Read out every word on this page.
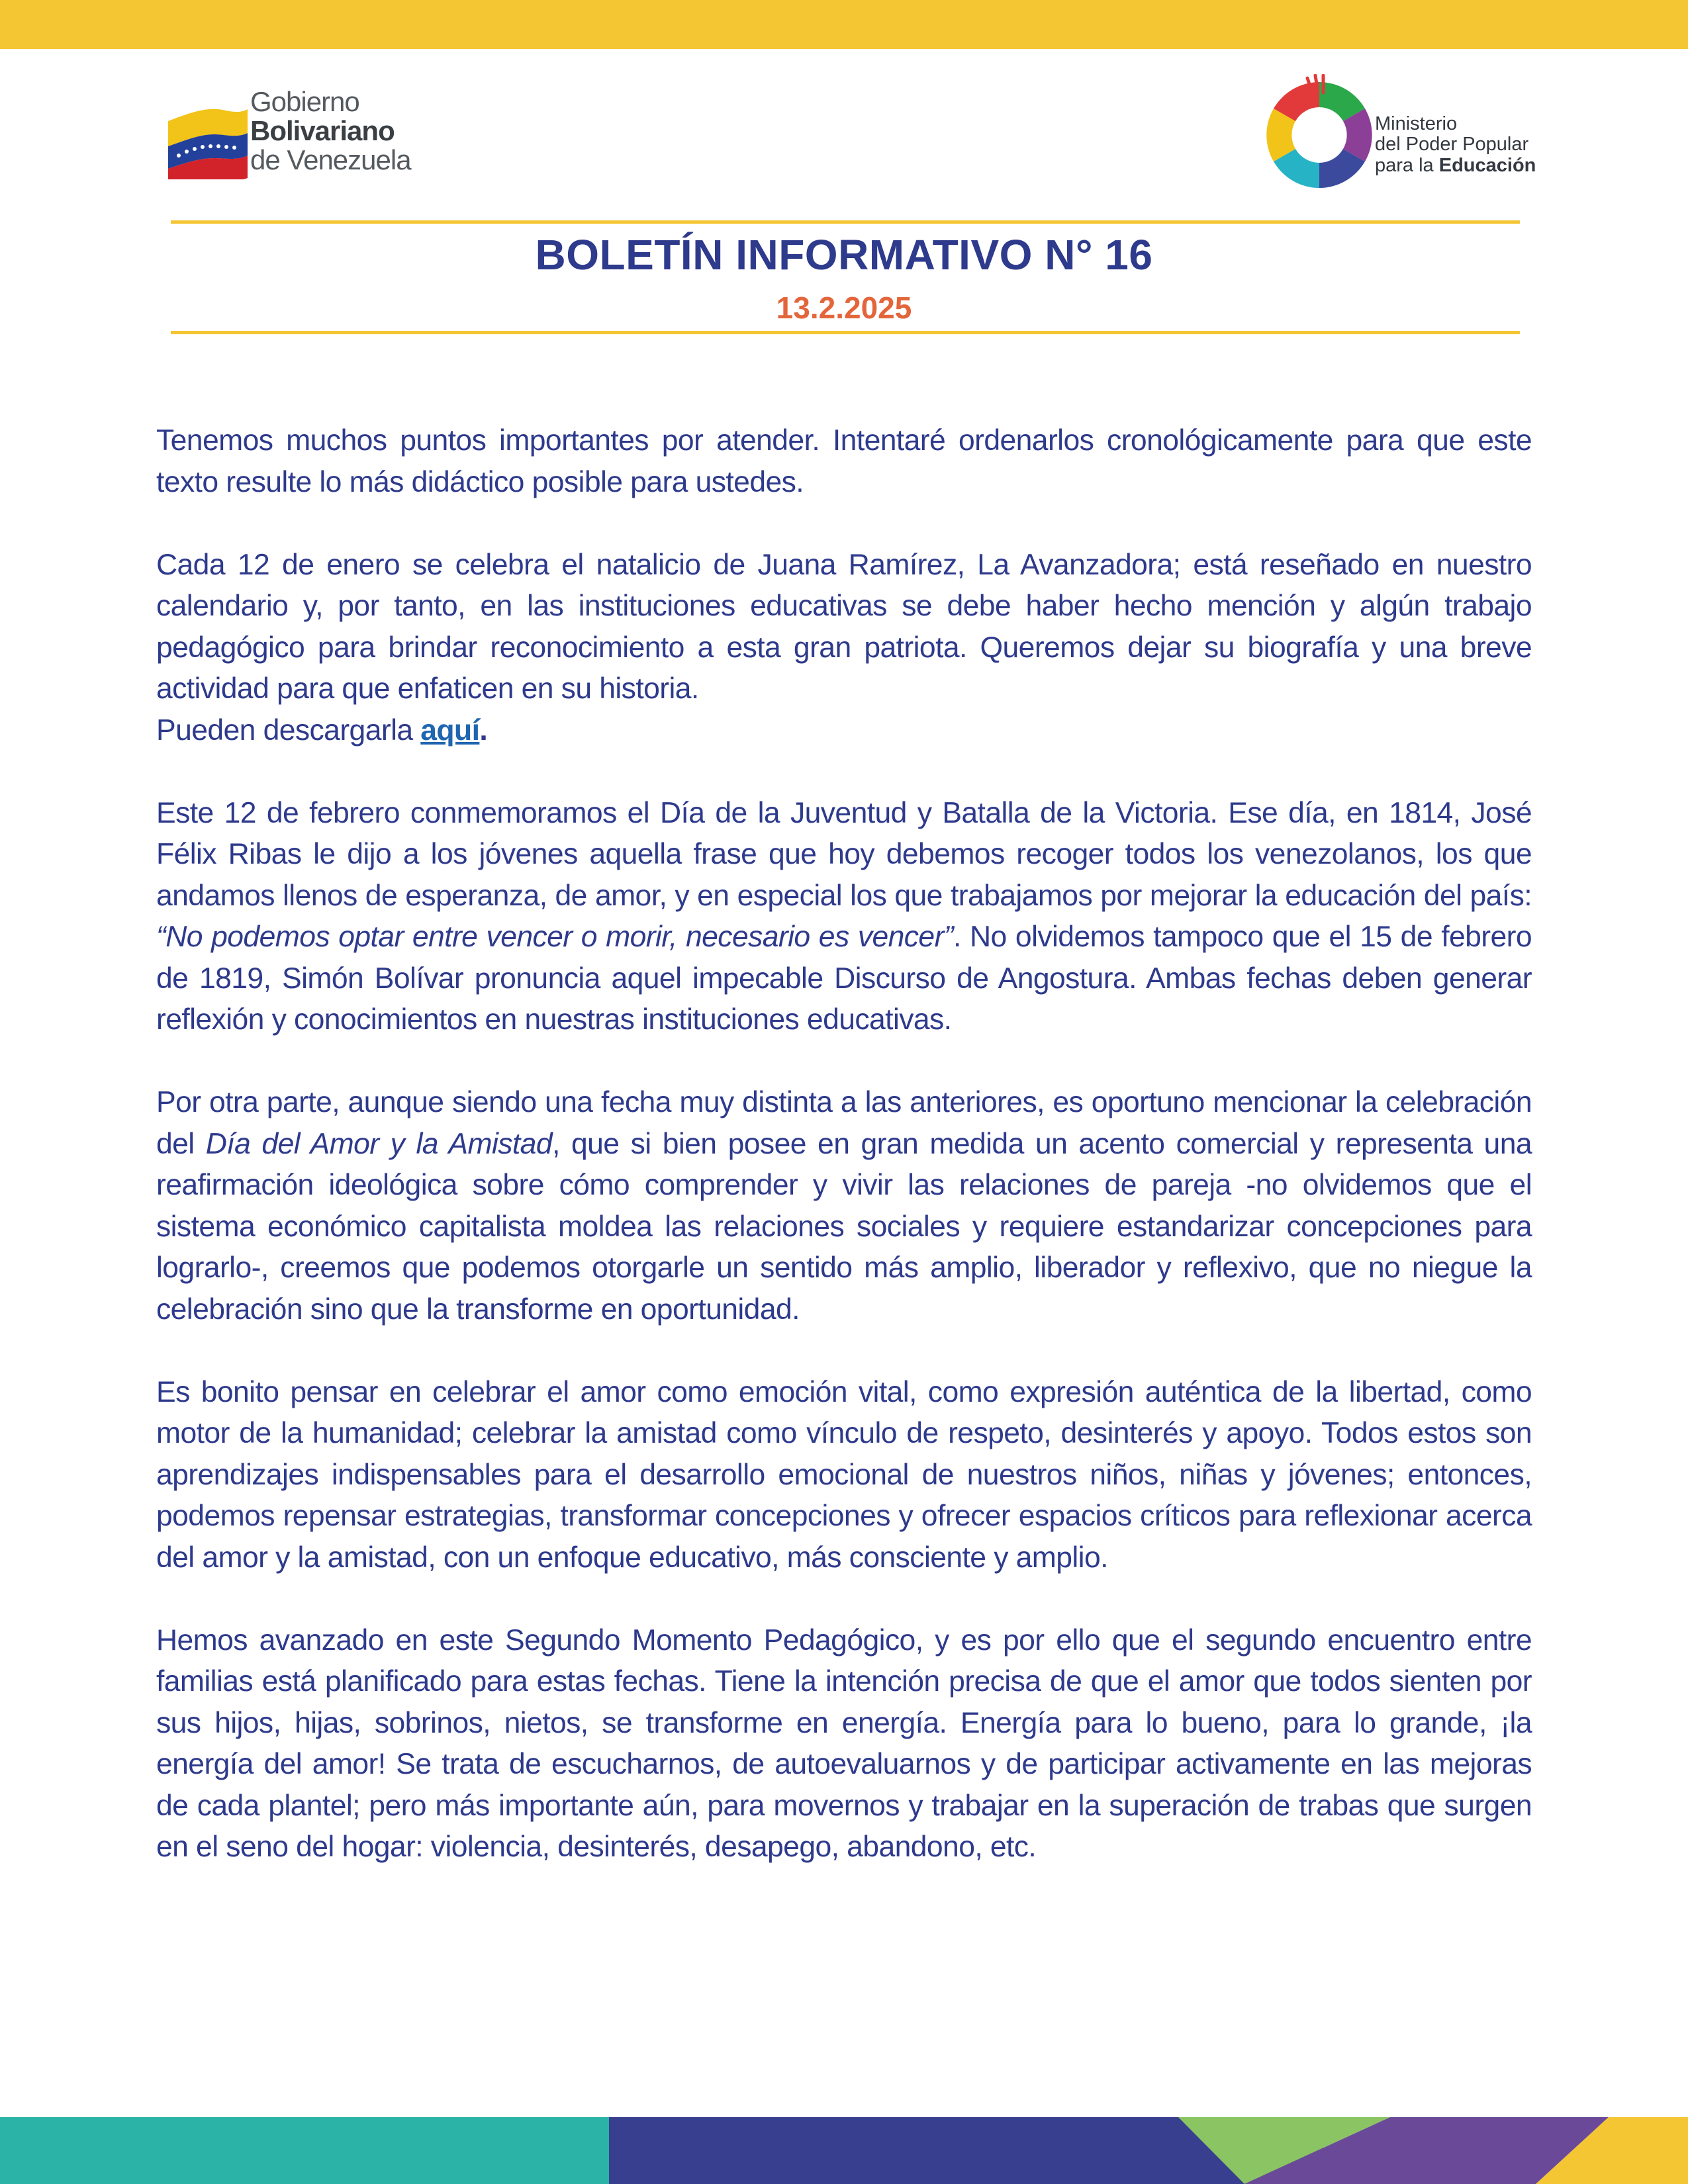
Gobierno
Bolivariano
de Venezuela
Ministerio
del Poder Popular
para la Educación
BOLETÍN INFORMATIVO N° 16
13.2.2025

Tenemos muchos puntos importantes por atender. Intentaré ordenarlos cronológicamente para que este texto resulte lo más didáctico posible para ustedes.

Cada 12 de enero se celebra el natalicio de Juana Ramírez, La Avanzadora; está reseñado en nuestro calendario y, por tanto, en las instituciones educativas se debe haber hecho mención y algún trabajo pedagógico para brindar reconocimiento a esta gran patriota. Queremos dejar su biografía y una breve actividad para que enfaticen en su historia.

Pueden descargarla aquí.

Este 12 de febrero conmemoramos el Día de la Juventud y Batalla de la Victoria. Ese día, en 1814, José Félix Ribas le dijo a los jóvenes aquella frase que hoy debemos recoger todos los venezolanos, los que andamos llenos de esperanza, de amor, y en especial los que trabajamos por mejorar la educación del país: “No podemos optar entre vencer o morir, necesario es vencer”. No olvidemos tampoco que el 15 de febrero de 1819, Simón Bolívar pronuncia aquel impecable Discurso de Angostura. Ambas fechas deben generar reflexión y conocimientos en nuestras instituciones educativas.

Por otra parte, aunque siendo una fecha muy distinta a las anteriores, es oportuno mencionar la celebración del Día del Amor y la Amistad, que si bien posee en gran medida un acento comercial y representa una reafirmación ideológica sobre cómo comprender y vivir las relaciones de pareja -no olvidemos que el sistema económico capitalista moldea las relaciones sociales y requiere estandarizar concepciones para lograrlo-, creemos que podemos otorgarle un sentido más amplio, liberador y reflexivo, que no niegue la celebración sino que la transforme en oportunidad.

Es bonito pensar en celebrar el amor como emoción vital, como expresión auténtica de la libertad, como motor de la humanidad; celebrar la amistad como vínculo de respeto, desinterés y apoyo. Todos estos son aprendizajes indispensables para el desarrollo emocional de nuestros niños, niñas y jóvenes; entonces, podemos repensar estrategias, transformar concepciones y ofrecer espacios críticos para reflexionar acerca del amor y la amistad, con un enfoque educativo, más consciente y amplio.

Hemos avanzado en este Segundo Momento Pedagógico, y es por ello que el segundo encuentro entre familias está planificado para estas fechas. Tiene la intención precisa de que el amor que todos sienten por sus hijos, hijas, sobrinos, nietos, se transforme en energía. Energía para lo bueno, para lo grande, ¡la energía del amor! Se trata de escucharnos, de autoevaluarnos y de participar activamente en las mejoras de cada plantel; pero más importante aún, para movernos y trabajar en la superación de trabas que surgen en el seno del hogar: violencia, desinterés, desapego, abandono, etc.
